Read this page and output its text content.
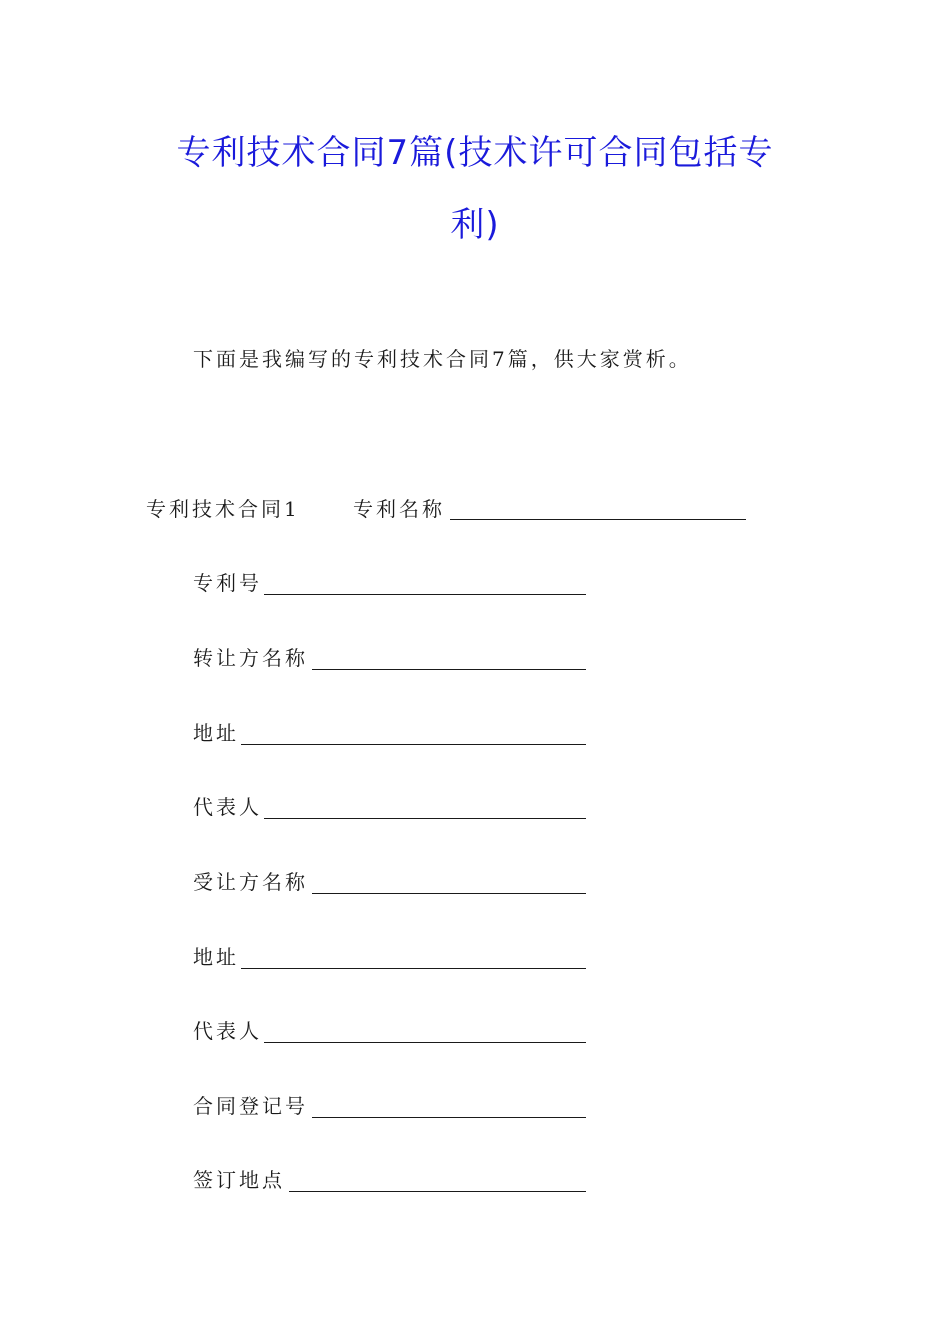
专利技术合同7篇(技术许可合同包括专
利)
下面是我编写的专利技术合同7篇，供大家赏析。
专利技术合同1	专利名称
专利号
转让方名称
地址
代表人
受让方名称
地址
代表人
合同登记号
签订地点
